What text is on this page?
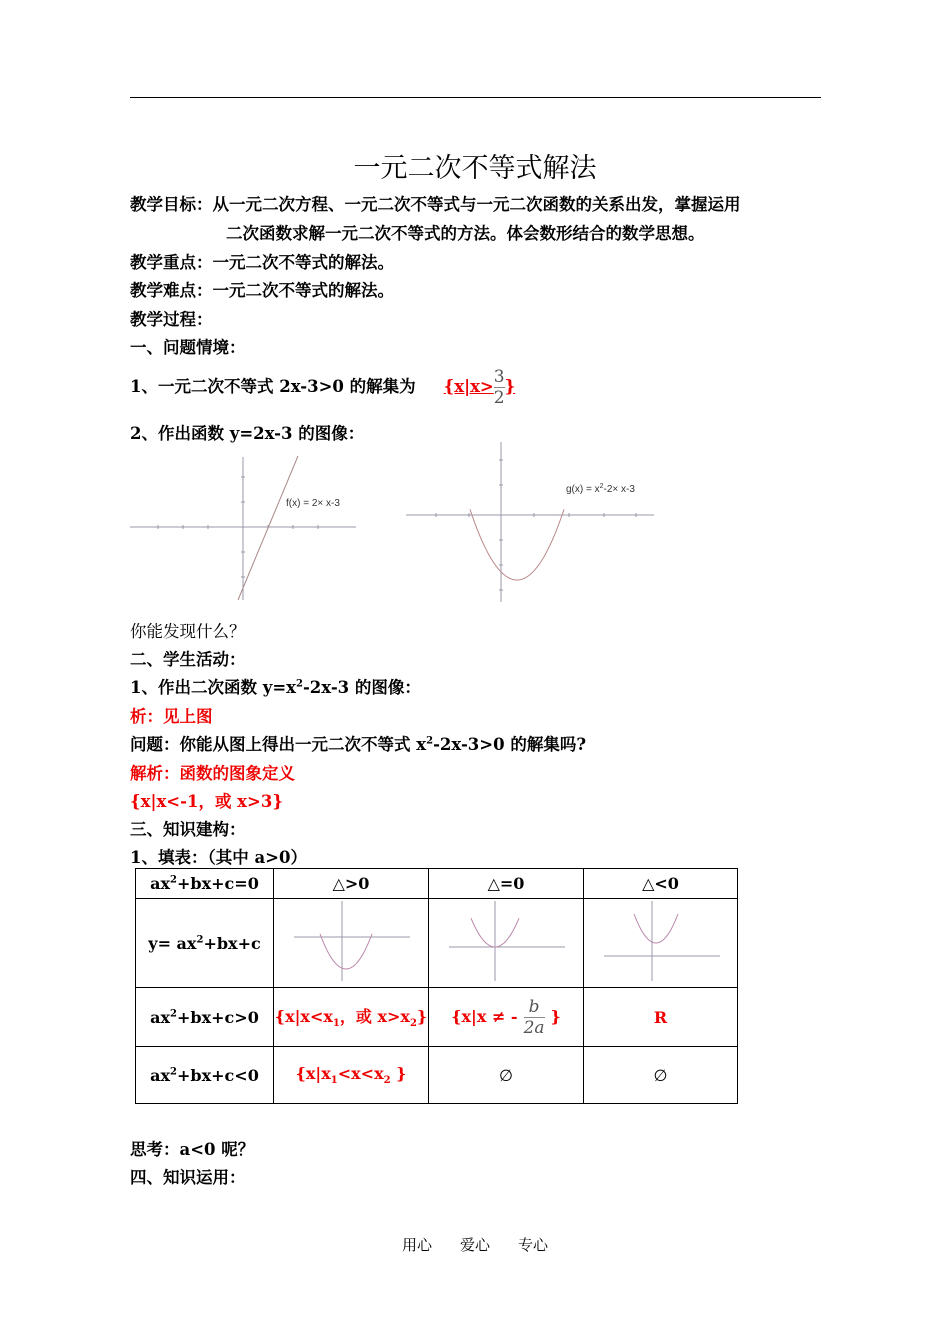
一元二次不等式解法
教学目标：从一元二次方程、一元二次不等式与一元二次函数的关系出发，掌握运用
二次函数求解一元二次不等式的方法。体会数形结合的数学思想。
教学重点：一元二次不等式的解法。
教学难点：一元二次不等式的解法。
教学过程：
一、问题情境：
1、一元二次不等式 2x-3>0 的解集为 {$x|x>\frac{3}{2}$ }
2、作出函数 y=2x-3 的图像：
f(x) = 2× x-3
$g(x) = x^2-2\times x-3$
你能发现什么？
二、学生活动：
1、作出二次函数 $y=x^2-2x-3$ 的图像：
析：见上图
问题：你能从图上得出一元二次不等式 $x^2-2x-3>0$ 的解集吗?
解析：函数的图象定义
{x|x<-1，或 x>3}
三、知识建构：
1、填表：（其中 a>0）
$ax^2+bx+c=0$	△>0	△=0	△<0
$y= ax^2+bx+c$			
$ax^2+bx+c>0$	{$x|x<x_1$，或 $x>x_2$}	{x|x ≠ - $\frac{b}{2a}$ }	R
$ax^2+bx+c<0$	{$x|x_1<x<x_2$ }	∅	∅
思考：a<0 呢？
四、知识运用：
用心 爱心 专心
